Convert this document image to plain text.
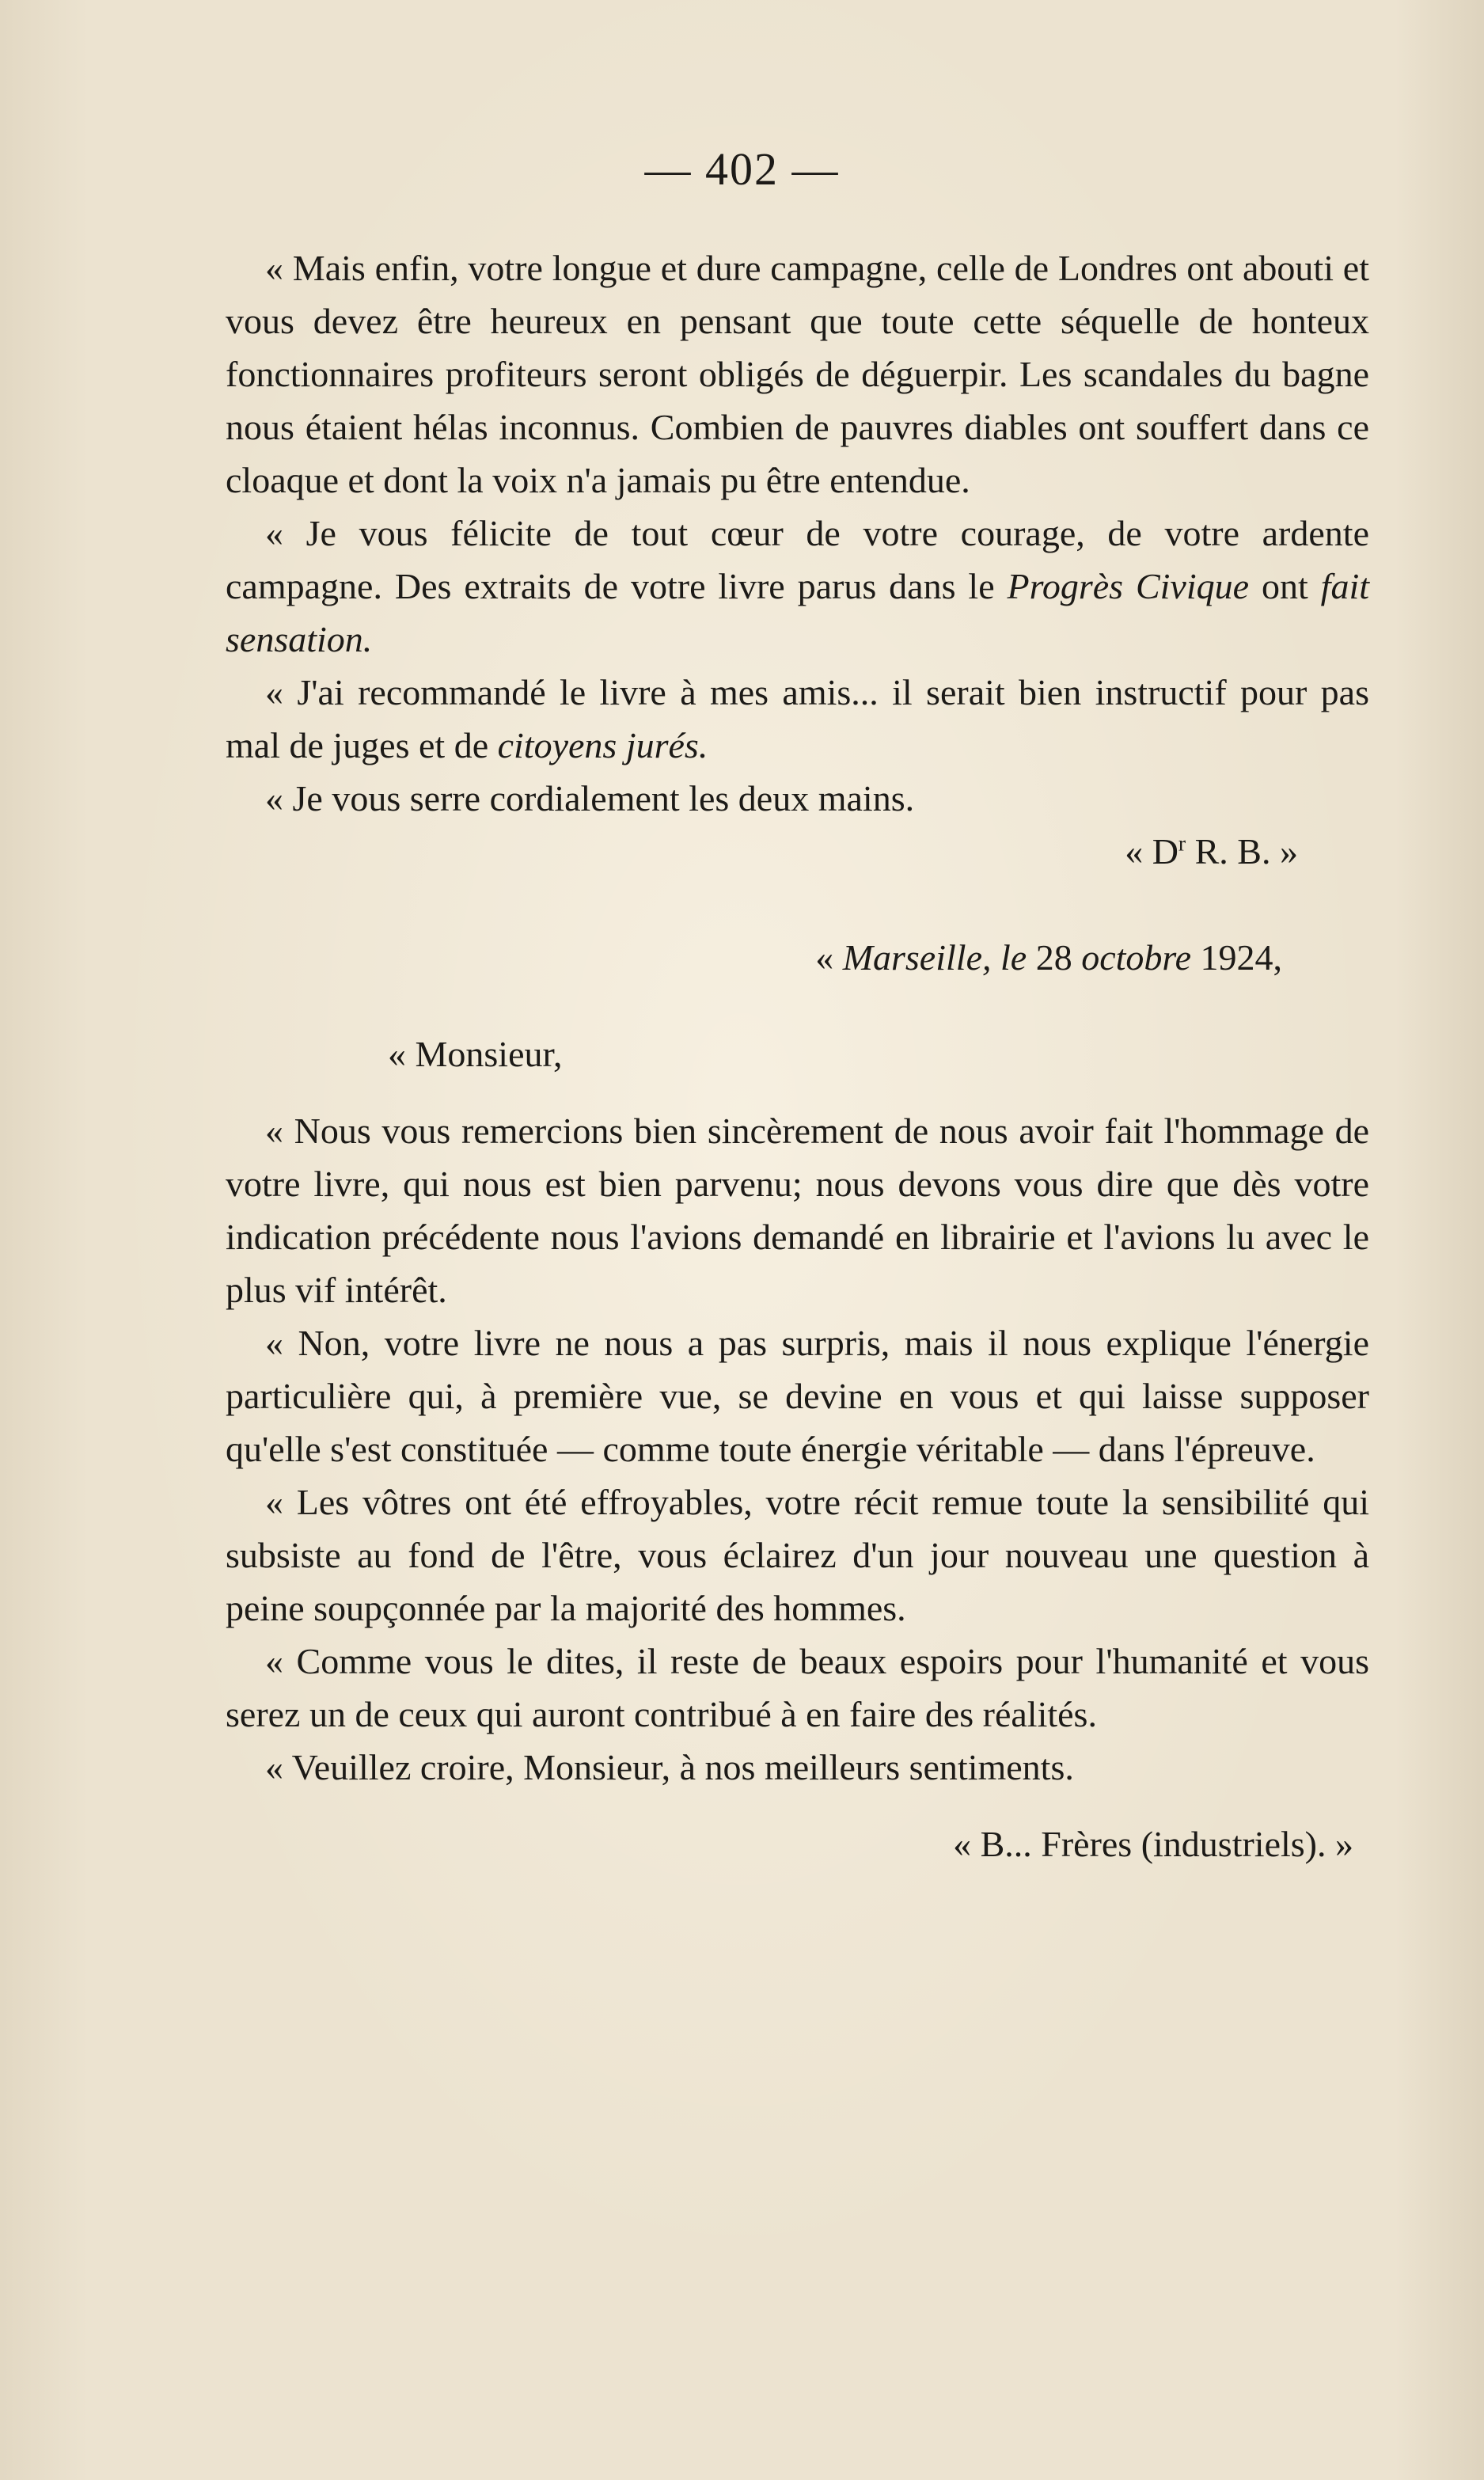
— 402 —

« Mais enfin, votre longue et dure campagne, celle de Londres ont abouti et vous devez être heureux en pensant que toute cette séquelle de honteux fonctionnaires profiteurs seront obligés de déguerpir. Les scandales du bagne nous étaient hélas inconnus. Combien de pauvres diables ont souffert dans ce cloaque et dont la voix n'a jamais pu être entendue.

« Je vous félicite de tout cœur de votre courage, de votre ardente campagne. Des extraits de votre livre parus dans le Progrès Civique ont fait sensation.

« J'ai recommandé le livre à mes amis... il serait bien instructif pour pas mal de juges et de citoyens jurés.

« Je vous serre cordialement les deux mains.

« $D^r$ R. B. »

« Marseille, le 28 octobre 1924,

« Monsieur,

« Nous vous remercions bien sincèrement de nous avoir fait l'hommage de votre livre, qui nous est bien parvenu; nous devons vous dire que dès votre indication précédente nous l'avions demandé en librairie et l'avions lu avec le plus vif intérêt.

« Non, votre livre ne nous a pas surpris, mais il nous explique l'énergie particulière qui, à première vue, se devine en vous et qui laisse supposer qu'elle s'est constituée — comme toute énergie véritable — dans l'épreuve.

« Les vôtres ont été effroyables, votre récit remue toute la sensibilité qui subsiste au fond de l'être, vous éclairez d'un jour nouveau une question à peine soupçonnée par la majorité des hommes.

« Comme vous le dites, il reste de beaux espoirs pour l'humanité et vous serez un de ceux qui auront contribué à en faire des réalités.

« Veuillez croire, Monsieur, à nos meilleurs sentiments.

« B... Frères (industriels). »
